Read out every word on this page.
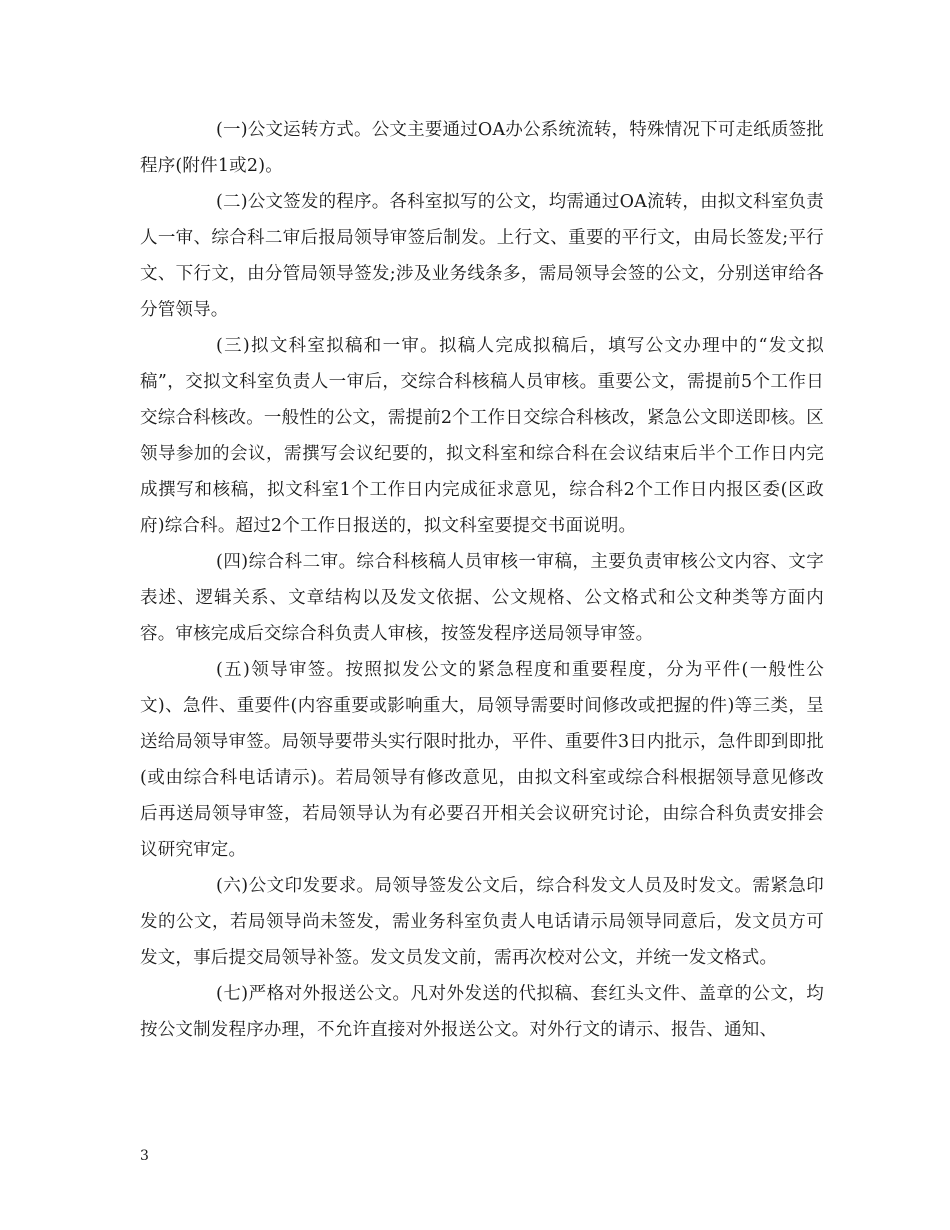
(一)公文运转方式。公文主要通过OA办公系统流转，特殊情况下可走纸质签批程序(附件1或2)。

(二)公文签发的程序。各科室拟写的公文，均需通过OA流转，由拟文科室负责人一审、综合科二审后报局领导审签后制发。上行文、重要的平行文，由局长签发;平行文、下行文，由分管局领导签发;涉及业务线条多，需局领导会签的公文，分别送审给各分管领导。

(三)拟文科室拟稿和一审。拟稿人完成拟稿后，填写公文办理中的“发文拟稿”，交拟文科室负责人一审后，交综合科核稿人员审核。重要公文，需提前5个工作日交综合科核改。一般性的公文，需提前2个工作日交综合科核改，紧急公文即送即核。区领导参加的会议，需撰写会议纪要的，拟文科室和综合科在会议结束后半个工作日内完成撰写和核稿，拟文科室1个工作日内完成征求意见，综合科2个工作日内报区委(区政府)综合科。超过2个工作日报送的，拟文科室要提交书面说明。

(四)综合科二审。综合科核稿人员审核一审稿，主要负责审核公文内容、文字表述、逻辑关系、文章结构以及发文依据、公文规格、公文格式和公文种类等方面内容。审核完成后交综合科负责人审核，按签发程序送局领导审签。

(五)领导审签。按照拟发公文的紧急程度和重要程度，分为平件(一般性公文)、急件、重要件(内容重要或影响重大，局领导需要时间修改或把握的件)等三类，呈送给局领导审签。局领导要带头实行限时批办，平件、重要件3日内批示，急件即到即批(或由综合科电话请示)。若局领导有修改意见，由拟文科室或综合科根据领导意见修改后再送局领导审签，若局领导认为有必要召开相关会议研究讨论，由综合科负责安排会议研究审定。

(六)公文印发要求。局领导签发公文后，综合科发文人员及时发文。需紧急印发的公文，若局领导尚未签发，需业务科室负责人电话请示局领导同意后，发文员方可发文，事后提交局领导补签。发文员发文前，需再次校对公文，并统一发文格式。

(七)严格对外报送公文。凡对外发送的代拟稿、套红头文件、盖章的公文，均按公文制发程序办理，不允许直接对外报送公文。对外行文的请示、报告、通知、

3
